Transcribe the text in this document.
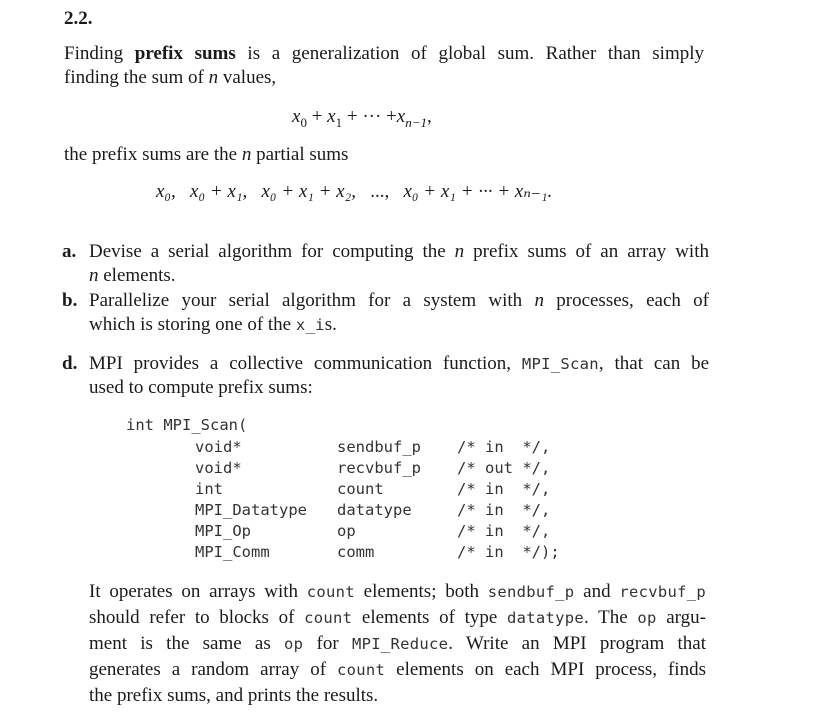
2.2.
Finding prefix sums is a generalization of global sum. Rather than simply
finding the sum of n values,
$x_0 + x_1$ + ··· $+x_{n-1}$,
the prefix sums are the n partial sums
x₀, x₀ + x₁, x₀ + x₁ + x₂, ..., x₀ + x₁ + ··· + xₙ₋₁.
a. Devise a serial algorithm for computing the n prefix sums of an array with
n elements.
b. Parallelize your serial algorithm for a system with n processes, each of
which is storing one of the x_is.
d. MPI provides a collective communication function, MPI_Scan, that can be
used to compute prefix sums:
int MPI_Scan(
void*	sendbuf_p /* in  */,
void*	recvbuf_p /* out */,
int	count	/* in  */,
MPI_Datatype datatype	/* in  */,
MPI_Op	op	/* in  */,
MPI_Comm	comm	/* in  */);
It operates on arrays with count elements; both sendbuf_p and recvbuf_p
should refer to blocks of count elements of type datatype. The op argu-
ment is the same as op for MPI_Reduce. Write an MPI program that
generates a random array of count elements on each MPI process, finds
the prefix sums, and prints the results.
